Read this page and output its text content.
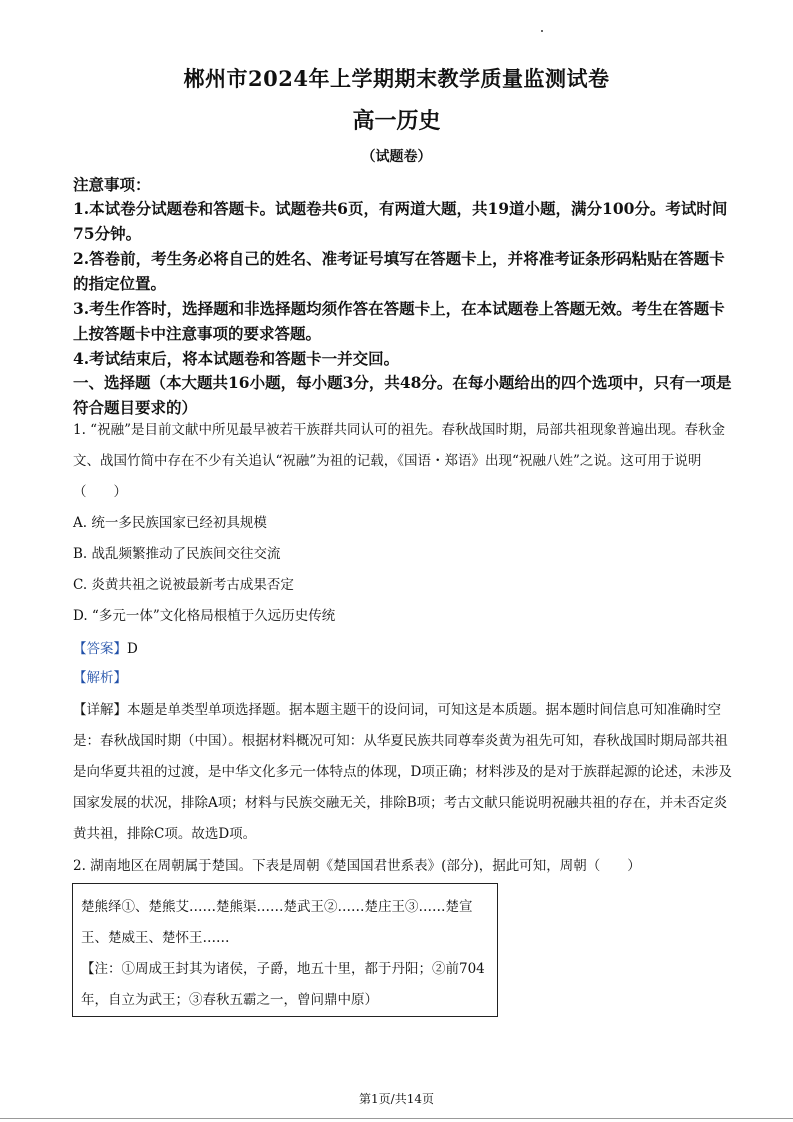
郴州市2024年上学期期末教学质量监测试卷
高一历史
（试题卷）
注意事项：
1.本试卷分试题卷和答题卡。试题卷共6页，有两道大题，共19道小题，满分100分。考试时间75分钟。
2.答卷前，考生务必将自己的姓名、准考证号填写在答题卡上，并将准考证条形码粘贴在答题卡的指定位置。
3.考生作答时，选择题和非选择题均须作答在答题卡上，在本试题卷上答题无效。考生在答题卡上按答题卡中注意事项的要求答题。
4.考试结束后，将本试题卷和答题卡一并交回。
一、选择题（本大题共16小题，每小题3分，共48分。在每小题给出的四个选项中，只有一项是符合题目要求的）
1. “祝融”是目前文献中所见最早被若干族群共同认可的祖先。春秋战国时期，局部共祖现象普遍出现。春秋金文、战国竹简中存在不少有关追认“祝融”为祖的记载，《国语・郑语》出现“祝融八姓”之说。这可用于说明（　　）
A. 统一多民族国家已经初具规模
B. 战乱频繁推动了民族间交往交流
C. 炎黄共祖之说被最新考古成果否定
D. “多元一体”文化格局根植于久远历史传统
【答案】D
【解析】
【详解】本题是单类型单项选择题。据本题主题干的设问词，可知这是本质题。据本题时间信息可知准确时空是：春秋战国时期（中国）。根据材料概况可知：从华夏民族共同尊奉炎黄为祖先可知，春秋战国时期局部共祖是向华夏共祖的过渡，是中华文化多元一体特点的体现，D项正确；材料涉及的是对于族群起源的论述，未涉及国家发展的状况，排除A项；材料与民族交融无关，排除B项；考古文献只能说明祝融共祖的存在，并未否定炎黄共祖，排除C项。故选D项。
2. 湖南地区在周朝属于楚国。下表是周朝《楚国国君世系表》(部分)，据此可知，周朝（　　）
楚熊绎①、楚熊艾……楚熊渠……楚武王②……楚庄王③……楚宣王、楚威王、楚怀王……
【注：①周成王封其为诸侯，子爵，地五十里，都于丹阳；②前704年，自立为武王；③春秋五霸之一，曾问鼎中原）
第1页/共14页
